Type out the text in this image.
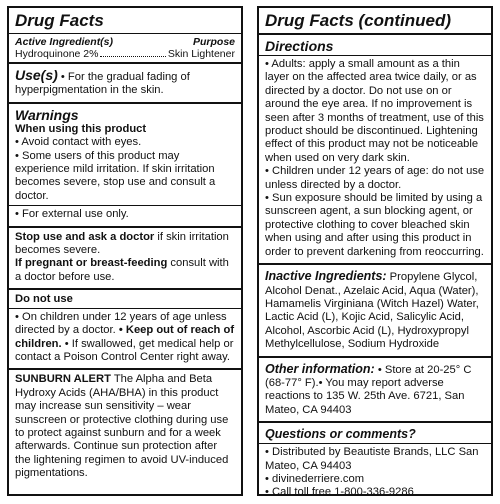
Drug Facts
Active Ingredient(s)	Purpose
Hydroquinone 2%	Skin Lightener

Use(s) • For the gradual fading of hyperpigmentation in the skin.

Warnings
When using this product

• Avoid contact with eyes.

• Some users of this product may experience mild irritation. If skin irritation becomes severe, stop use and consult a doctor.

• For external use only.

Stop use and ask a doctor if skin irritation becomes severe.

If pregnant or breast-feeding consult with a doctor before use.

Do not use

• On children under 12 years of age unless directed by a doctor. • Keep out of reach of children. • If swallowed, get medical help or contact a Poison Control Center right away.

SUNBURN ALERT The Alpha and Beta Hydroxy Acids (AHA/BHA) in this product may increase sun sensitivity – wear sunscreen or protective clothing during use to protect against sunburn and for a week afterwards. Continue sun protection after the lightening regimen to avoid UV-induced pigmentations.

Drug Facts (continued)
Directions

• Adults: apply a small amount as a thin layer on the affected area twice daily, or as directed by a doctor. Do not use on or around the eye area. If no improvement is seen after 3 months of treatment, use of this product should be discontinued. Lightening effect of this product may not be noticeable when used on very dark skin.

• Children under 12 years of age: do not use unless directed by a doctor.

• Sun exposure should be limited by using a sunscreen agent, a sun blocking agent, or protective clothing to cover bleached skin when using and after using this product in order to prevent darkening from reoccurring.

Inactive Ingredients: Propylene Glycol, Alcohol Denat., Azelaic Acid, Aqua (Water), Hamamelis Virginiana (Witch Hazel) Water, Lactic Acid (L), Kojic Acid, Salicylic Acid, Alcohol, Ascorbic Acid (L), Hydroxypropyl Methylcellulose, Sodium Hydroxide

Other information: • Store at 20-25° C (68-77° F).• You may report adverse reactions to 135 W. 25th Ave. 6721, San Mateo, CA 94403

Questions or comments?

• Distributed by Beautiste Brands, LLC San Mateo, CA 94403

• divinederriere.com

• Call toll free 1-800-336-9286
